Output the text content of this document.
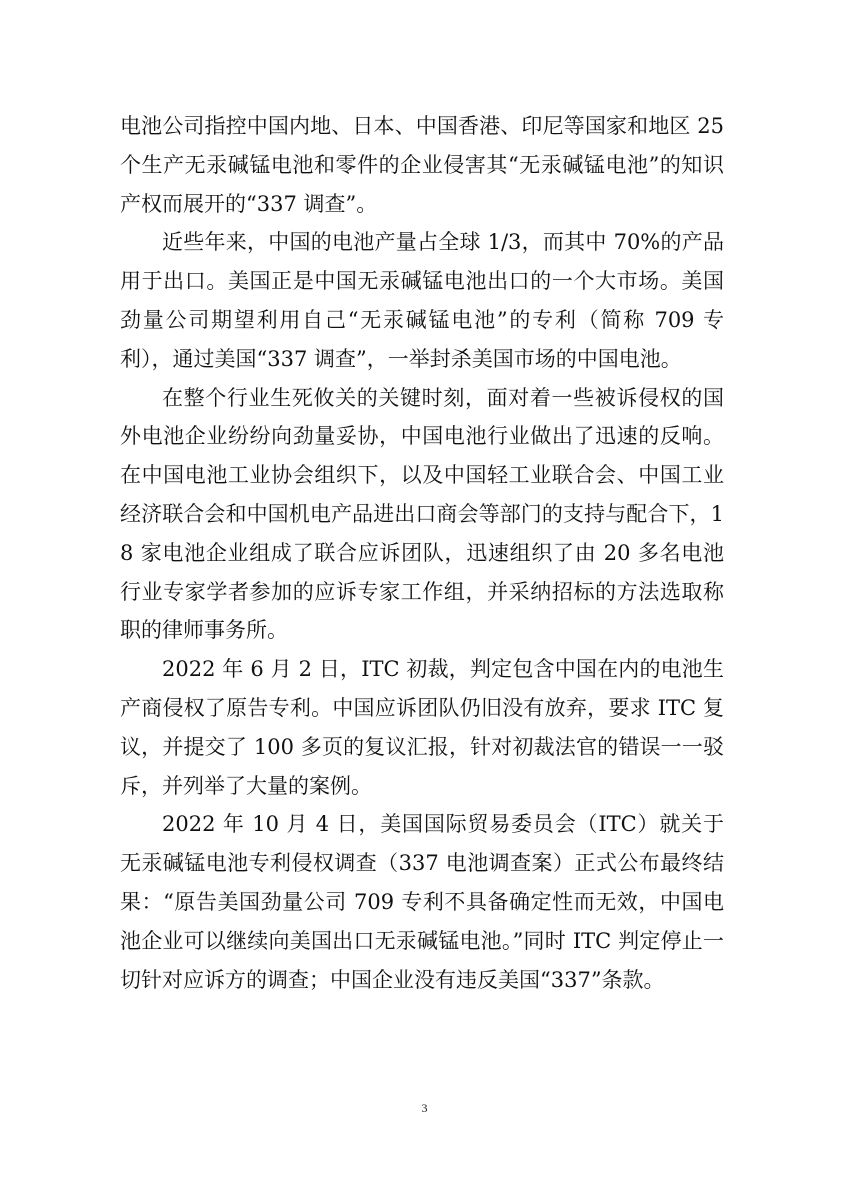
电池公司指控中国内地、日本、中国香港、印尼等国家和地区 25 个生产无汞碱锰电池和零件的企业侵害其“无汞碱锰电池”的知识产权而展开的“337 调查”。

近些年来，中国的电池产量占全球 1/3，而其中 70%的产品用于出口。美国正是中国无汞碱锰电池出口的一个大市场。美国劲量公司期望利用自己“无汞碱锰电池”的专利（简称 709 专利），通过美国“337 调查”，一举封杀美国市场的中国电池。

在整个行业生死攸关的关键时刻，面对着一些被诉侵权的国外电池企业纷纷向劲量妥协，中国电池行业做出了迅速的反响。在中国电池工业协会组织下，以及中国轻工业联合会、中国工业经济联合会和中国机电产品进出口商会等部门的支持与配合下，18 家电池企业组成了联合应诉团队，迅速组织了由 20 多名电池行业专家学者参加的应诉专家工作组，并采纳招标的方法选取称职的律师事务所。

2022 年 6 月 2 日，ITC 初裁，判定包含中国在内的电池生产商侵权了原告专利。中国应诉团队仍旧没有放弃，要求 ITC 复议，并提交了 100 多页的复议汇报，针对初裁法官的错误一一驳斥，并列举了大量的案例。

2022 年 10 月 4 日，美国国际贸易委员会（ITC）就关于无汞碱锰电池专利侵权调查（337 电池调查案）正式公布最终结果：“原告美国劲量公司 709 专利不具备确定性而无效，中国电池企业可以继续向美国出口无汞碱锰电池。”同时 ITC 判定停止一切针对应诉方的调查；中国企业没有违反美国“337”条款。

3
